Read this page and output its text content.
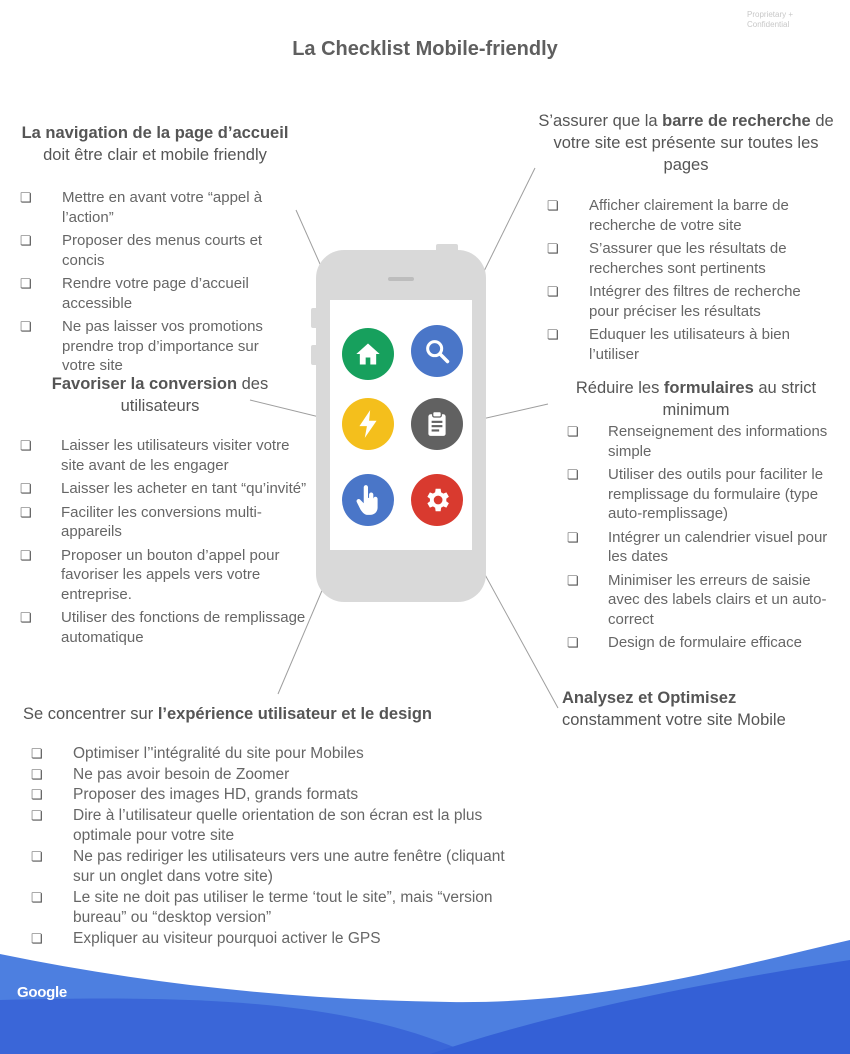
Proprietary +
Confidential
La Checklist Mobile-friendly
La navigation de la page d’accueil
doit être clair et mobile friendly
❏ Mettre en avant votre “appel à l’action”
❏ Proposer des menus courts et concis
❏ Rendre votre page d’accueil accessible
❏ Ne pas laisser vos promotions prendre trop d’importance sur votre site
Favoriser la conversion des utilisateurs
❏ Laisser les utilisateurs visiter votre site avant de les engager
❏ Laisser les acheter en tant “qu’invité”
❏ Faciliter les conversions multi-appareils
❏ Proposer un bouton d’appel pour favoriser les appels vers votre entreprise.
❏ Utiliser des fonctions de remplissage automatique
S’assurer que la barre de recherche de votre site est présente sur toutes les pages
❏ Afficher clairement la barre de recherche de votre site
❏ S’assurer que les résultats de recherches sont pertinents
❏ Intégrer des filtres de recherche pour préciser les résultats
❏ Eduquer les utilisateurs à bien l’utiliser
Réduire les formulaires au strict minimum
❏ Renseignement des informations simple
❏ Utiliser des outils pour faciliter le remplissage du formulaire (type auto-remplissage)
❏ Intégrer un calendrier visuel pour les dates
❏ Minimiser les erreurs de saisie avec des labels clairs et un auto-correct
❏ Design de formulaire efficace
Analysez et Optimisez
constamment votre site Mobile
Se concentrer sur l’expérience utilisateur et le design
❏ Optimiser l’'intégralité du site pour Mobiles
❏ Ne pas avoir besoin de Zoomer
❏ Proposer des images HD, grands formats
❏ Dire à l’utilisateur quelle orientation de son écran est la plus optimale pour votre site
❏ Ne pas rediriger les utilisateurs vers une autre fenêtre (cliquant sur un onglet dans votre site)
❏ Le site ne doit pas utiliser le terme ‘tout le site”, mais “version bureau” ou “desktop version”
❏ Expliquer au visiteur pourquoi activer le GPS
Google
